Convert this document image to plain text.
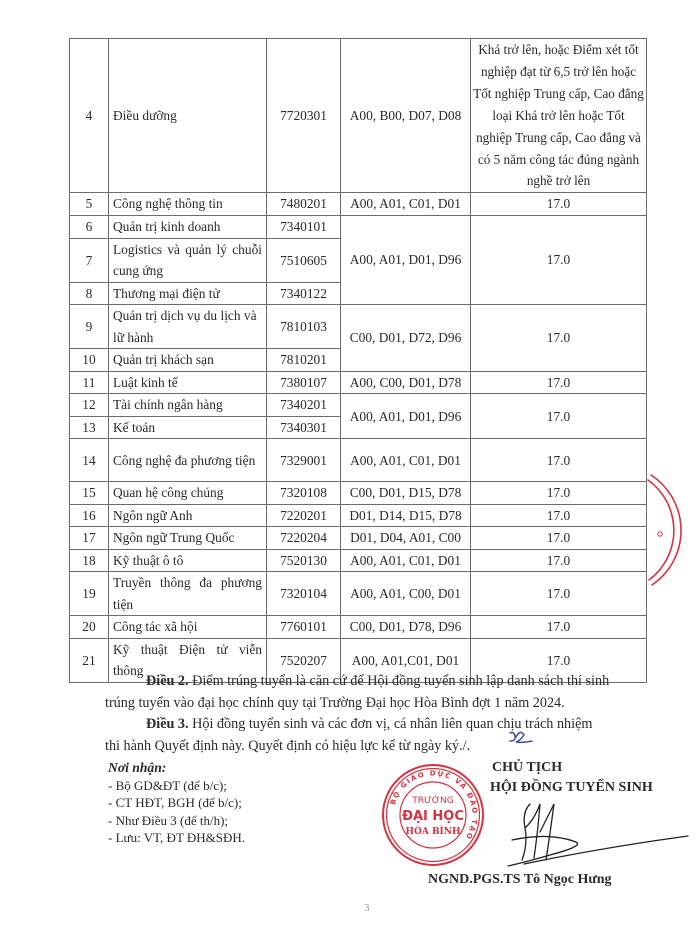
4	Điều dưỡng	7720301	A00, B00, D07, D08	Khá trở lên, hoặc Điểm xét tốt nghiệp đạt từ 6,5 trở lên hoặc Tốt nghiệp Trung cấp, Cao đẳng loại Khá trở lên hoặc Tốt nghiệp Trung cấp, Cao đẳng và có 5 năm công tác đúng ngành nghề trở lên
5	Công nghệ thông tin	7480201	A00, A01, C01, D01	17.0
6	Quản trị kinh doanh	7340101	A00, A01, D01, D96	17.0
7	Logistics và quản lý chuỗi cung ứng	7510605		
8	Thương mại điện tử	7340122		
9	Quản trị dịch vụ du lịch và lữ hành	7810103	C00, D01, D72, D96	17.0
10	Quản trị khách sạn	7810201		
11	Luật kinh tế	7380107	A00, C00, D01, D78	17.0
12	Tài chính ngân hàng	7340201	A00, A01, D01, D96	17.0
13	Kế toán	7340301		
14	Công nghệ đa phương tiện	7329001	A00, A01, C01, D01	17.0
15	Quan hệ công chúng	7320108	C00, D01, D15, D78	17.0
16	Ngôn ngữ Anh	7220201	D01, D14, D15, D78	17.0
17	Ngôn ngữ Trung Quốc	7220204	D01, D04, A01, C00	17.0
18	Kỹ thuật ô tô	7520130	A00, A01, C01, D01	17.0
19	Truyền thông đa phương tiện	7320104	A00, A01, C00, D01	17.0
20	Công tác xã hội	7760101	C00, D01, D78, D96	17.0
21	Kỹ thuật Điện tử viễn thông	7520207	A00, A01,C01, D01	17.0
Điều 2. Điểm trúng tuyển là căn cứ để Hội đồng tuyển sinh lập danh sách thí sinh
trúng tuyển vào đại học chính quy tại Trường Đại học Hòa Bình đợt 1 năm 2024.
Điều 3. Hội đồng tuyển sinh và các đơn vị, cá nhân liên quan chịu trách nhiệm
thi hành Quyết định này. Quyết định có hiệu lực kể từ ngày ký./.
Nơi nhận:
- Bộ GD&ĐT (để b/c);
- CT HĐT, BGH (để b/c);
- Như Điều 3 (để th/h);
- Lưu: VT, ĐT ĐH&SĐH.
BỘ GIÁO DỤC VÀ ĐÀO TẠO
TRƯỜNG
ĐẠI HỌC
HÒA BÌNH
CHỦ TỊCH
HỘI ĐỒNG TUYỂN SINH
NGND.PGS.TS Tô Ngọc Hưng
3
